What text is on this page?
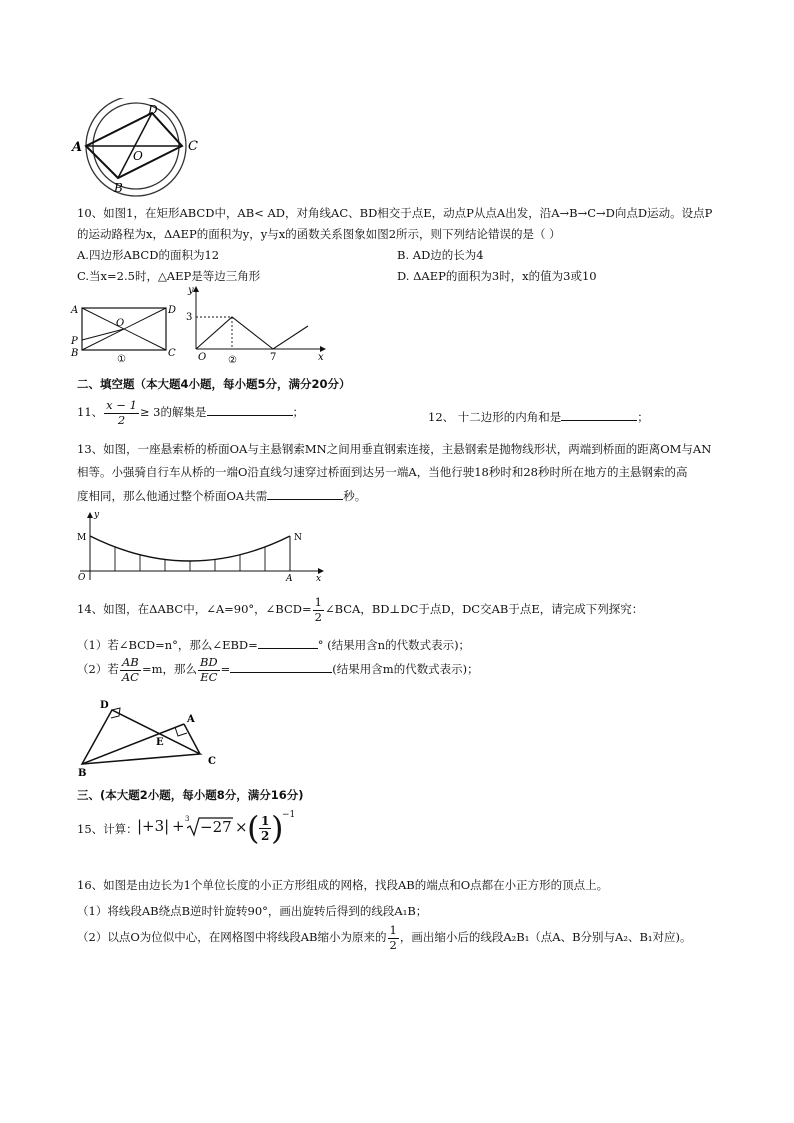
A
D
C
O
B
10、如图1，在矩形ABCD中，AB< AD，对角线AC、BD相交于点E，动点P从点A出发，沿A→B→C→D向点D运动。设点P
的运动路程为x，ΔAEP的面积为y，y与x的函数关系图象如图2所示，则下列结论错误的是（ ）
A.四边形ABCD的面积为12	B. AD边的长为4
C.当x=2.5时，△AEP是等边三角形	D. ΔAEP的面积为3时，x的值为3或10
A	D
O
P
B	C
①
y
3
O ②	7	x
二、填空题（本大题4小题，每小题5分，满分20分）
11、 $\frac{x - 1}{2} \ge 3$的解集是	；	12、 十二边形的内角和是	；
13、如图，一座悬索桥的桥面OA与主悬钢索MN之间用垂直钢索连接，主悬钢索是抛物线形状，两端到桥面的距离OM与AN
相等。小强骑自行车从桥的一端O沿直线匀速穿过桥面到达另一端A，当他行驶18秒时和28秒时所在地方的主悬钢索的高
度相同，那么他通过整个桥面OA共需	秒。
y
M	N
O	A	x
14、如图，在ΔABC中，∠A=90°，∠BCD= $\frac{1}{2}$ ∠BCA，BD⊥DC于点D，DC交AB于点E，请完成下列探究：
（1）若∠BCD=n°，那么∠EBD=	° (结果用含n的代数式表示)；
（2）若 $\frac{AB}{AC} =m$，那么 $\frac{BD}{EC}$ =	(结果用含m的代数式表示)；
D
A
E
B
C
三、(本大题2小题，每小题8分，满分16分)
15、计算： |+3| + 3 −27 × ( $\frac{1}{2}$ )
−1
16、如图是由边长为1个单位长度的小正方形组成的网格，找段AB的端点和O点都在小正方形的顶点上。
（1）将线段AB绕点B逆时针旋转90°，画出旋转后得到的线段A₁B；
（2）以点O为位似中心，在网格图中将线段AB缩小为原来的 $\frac{1}{2}$ ，画出缩小后的线段A₂B₁（点A、B分别与A₂、B₁对应)。
